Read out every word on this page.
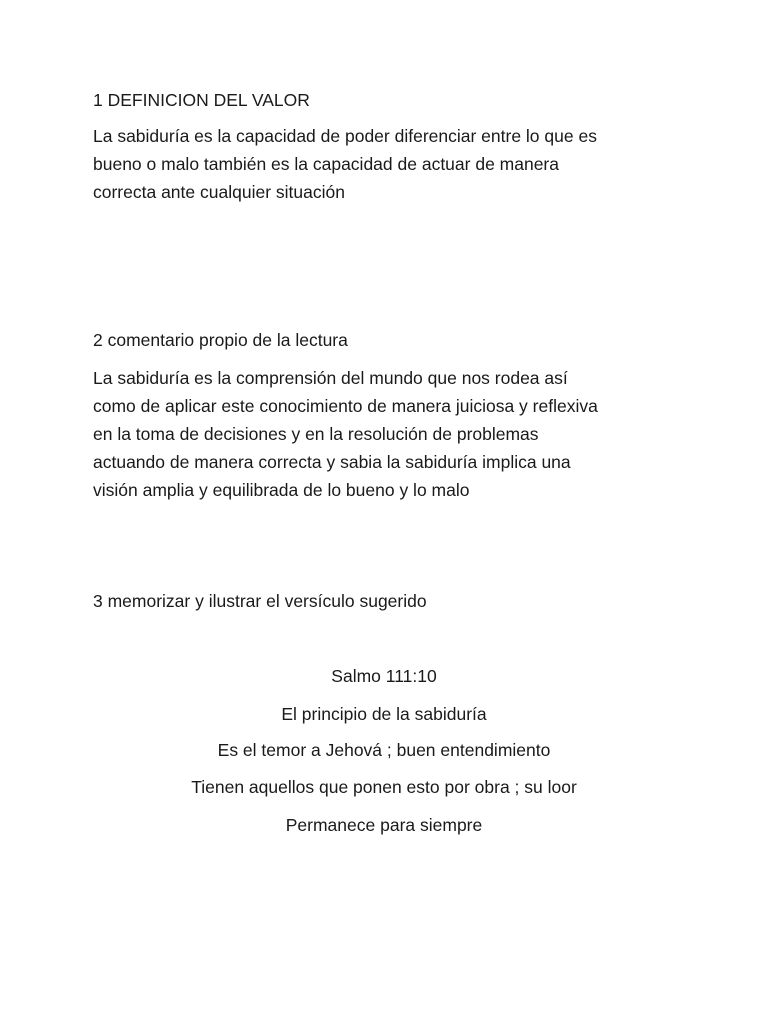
1 DEFINICION DEL VALOR

La sabiduría es la capacidad de poder diferenciar entre lo que es
bueno o malo también es la capacidad de actuar de manera
correcta ante cualquier situación

2 comentario propio de la lectura

La sabiduría es la comprensión del mundo que nos rodea así
como de aplicar este conocimiento de manera juiciosa y reflexiva
en la toma de decisiones y en la resolución de problemas
actuando de manera correcta y sabia la sabiduría implica una
visión amplia y equilibrada de lo bueno y lo malo

3 memorizar y ilustrar el versículo sugerido

Salmo 111:10

El principio de la sabiduría

Es el temor a Jehová ; buen entendimiento

Tienen aquellos que ponen esto por obra ; su loor

Permanece para siempre
